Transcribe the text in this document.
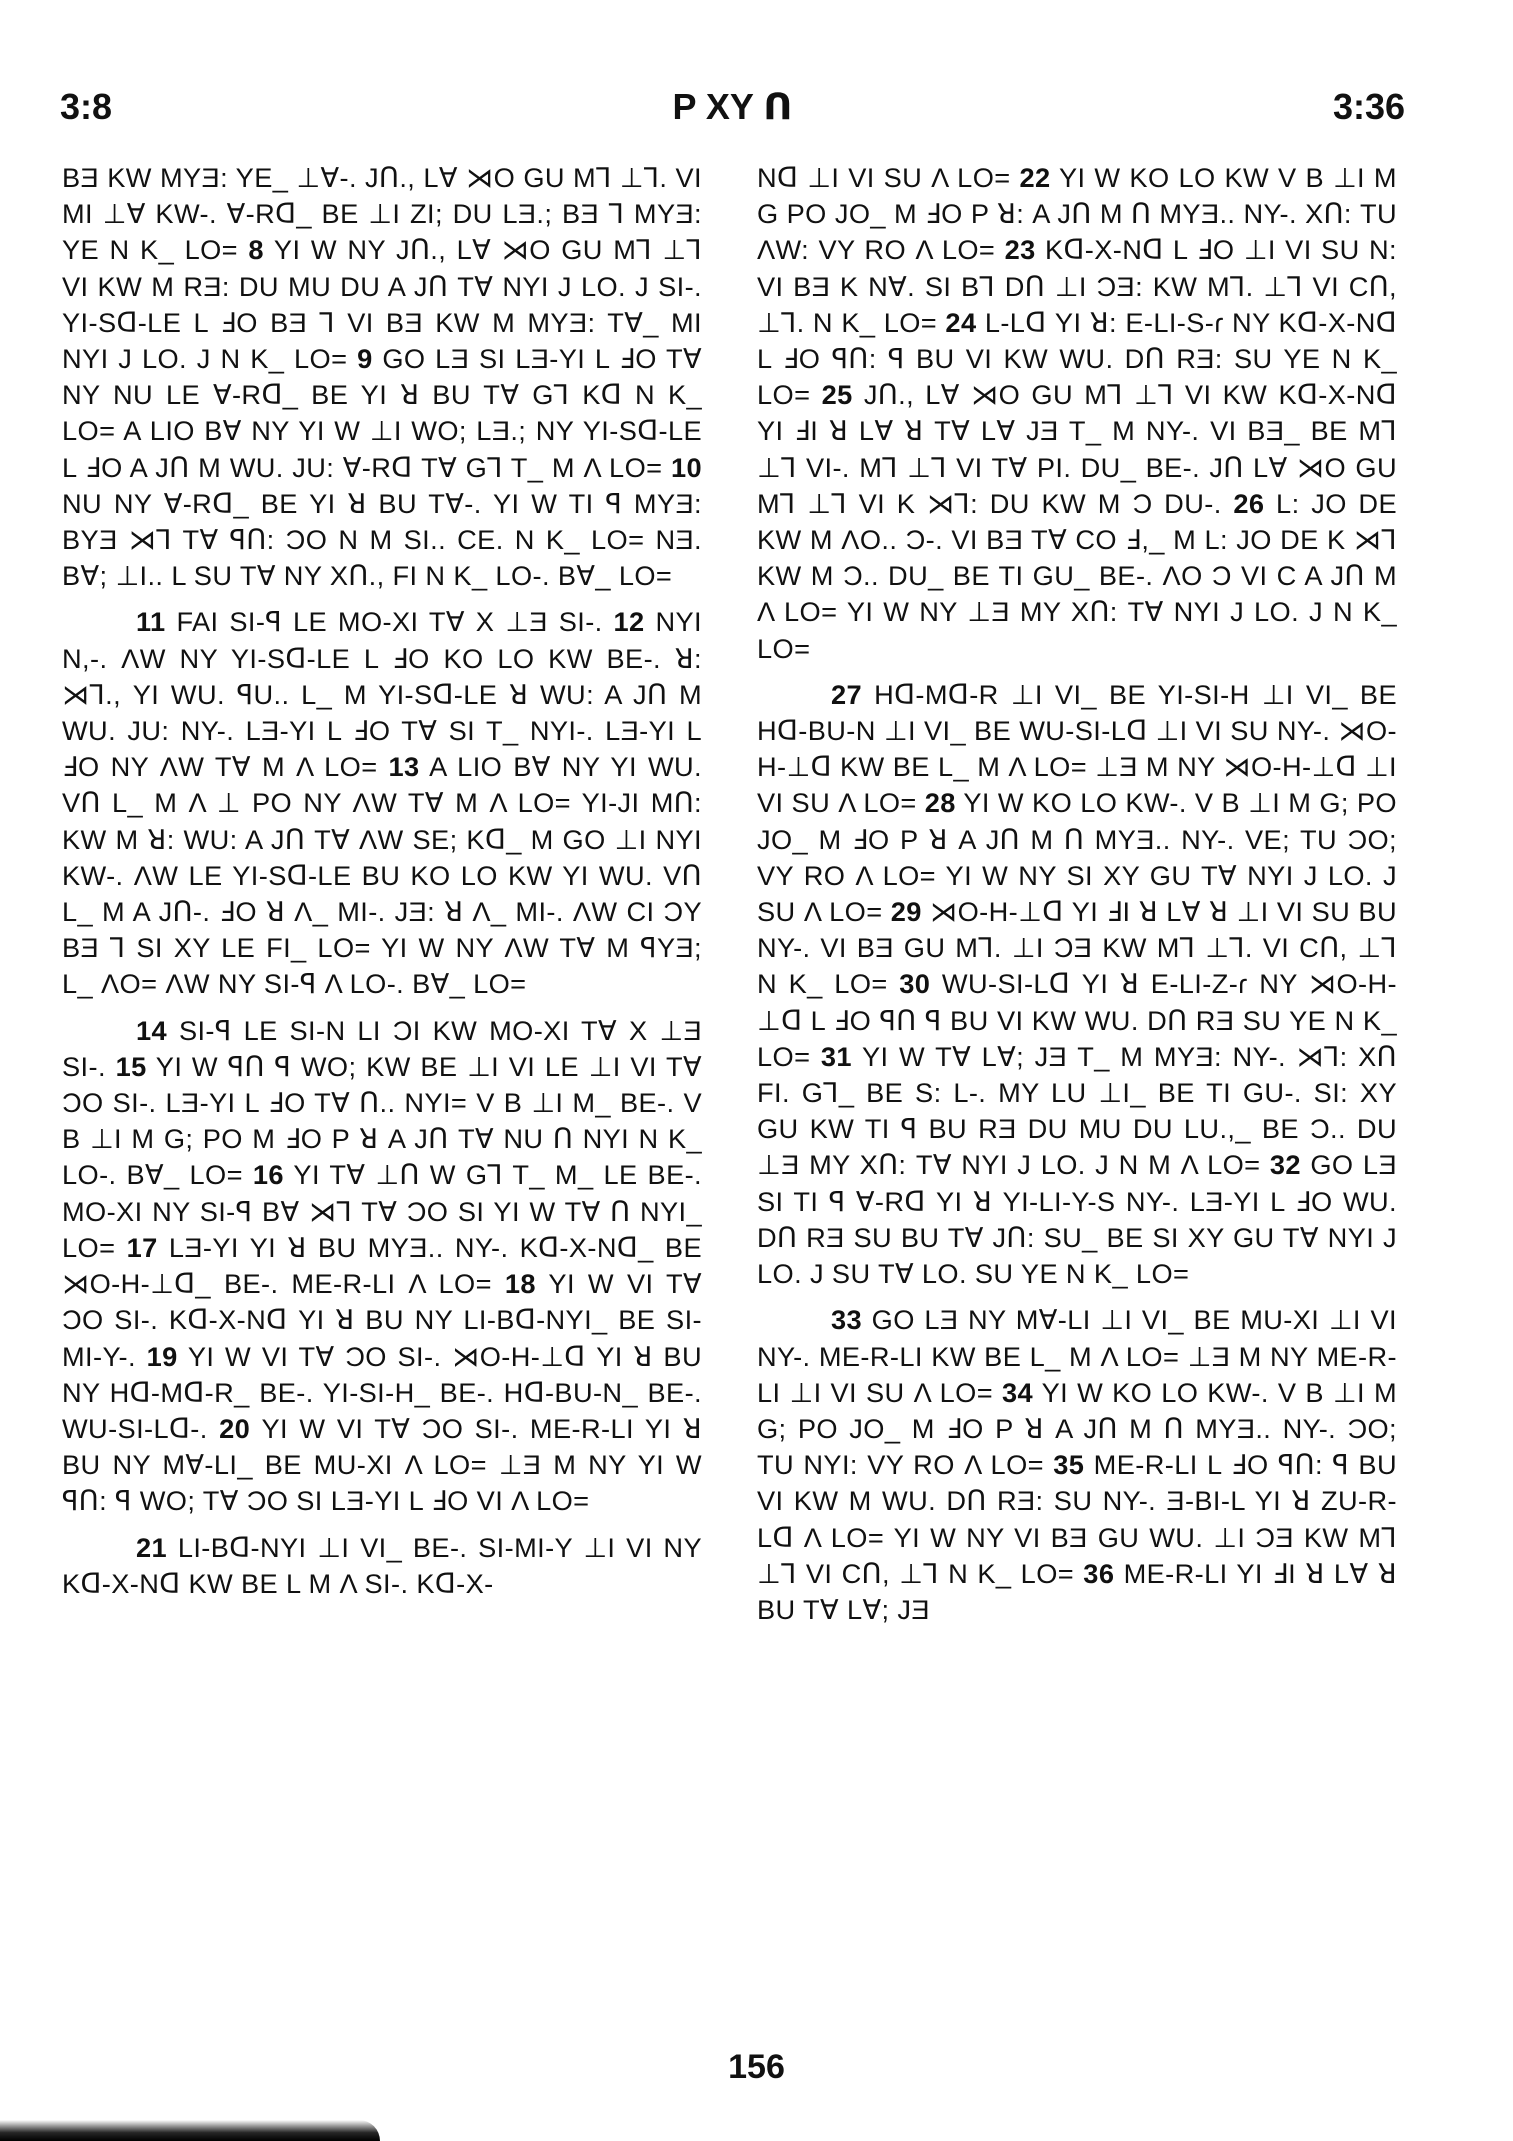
3:8	P XY ᑎ	3:36

BƎ KW MYƎ: YE_ ⊥∀-. Jᑎ., L∀ ⋊O GU M⅂ ⊥⅂. VI MI ⊥∀ KW-. ∀-Rᗡ_ BE ⊥I ZI; DU LƎ.; BƎ ⅂ MYƎ: YE N K_ LO= 8 YI W NY Jᑎ., L∀ ⋊O GU M⅂ ⊥⅂ VI KW M RƎ: DU MU DU A Jᑎ T∀ NYI J LO. J SI-. YI-Sᗡ-LE L ℲO BƎ ⅂ VI BƎ KW M MYƎ: T∀_ MI NYI J LO. J N K_ LO= 9 GO LƎ SI LƎ-YI L ℲO T∀ NY NU LE ∀-Rᗡ_ BE YI ꓤ BU T∀ G⅂ Kᗡ N K_ LO= A LIO B∀ NY YI W ⊥I WO; LƎ.; NY YI-Sᗡ-LE L ℲO A Jᑎ M WU. JU: ∀-Rᗡ T∀ G⅂ T_ M Λ LO= 10 NU NY ∀-Rᗡ_ BE YI ꓤ BU T∀-. YI W TI ꟼ MYƎ: BYƎ ⋊⅂ T∀ ꟼᑎ: ƆO N M SI.. CE. N K_ LO= NƎ. B∀; ⊥I.. L SU T∀ NY Xᑎ., FI N K_ LO-. B∀_ LO=

11 FAI SI-ꟼ LE MO-XI T∀ X ⊥Ǝ SI-. 12 NYI N,-. ΛW NY YI-Sᗡ-LE L ℲO KO LO KW BE-. ꓤ: ⋊⅂., YI WU. ꟼU.. L_ M YI-Sᗡ-LE ꓤ WU: A Jᑎ M WU. JU: NY-. LƎ-YI L ℲO T∀ SI T_ NYI-. LƎ-YI L ℲO NY ΛW T∀ M Λ LO= 13 A LIO B∀ NY YI WU. Vᑎ L_ M Λ ⊥ PO NY ΛW T∀ M Λ LO= YI-JI Mᑎ: KW M ꓤ: WU: A Jᑎ T∀ ΛW SE; Kᗡ_ M GO ⊥I NYI KW-. ΛW LE YI-Sᗡ-LE BU KO LO KW YI WU. Vᑎ L_ M A Jᑎ-. ℲO ꓤ Λ_ MI-. JƎ: ꓤ Λ_ MI-. ΛW CI ƆY BƎ ⅂ SI XY LE FI_ LO= YI W NY ΛW T∀ M ꟼYƎ; L_ ΛO= ΛW NY SI-ꟼ Λ LO-. B∀_ LO=

14 SI-ꟼ LE SI-N LI ƆI KW MO-XI T∀ X ⊥Ǝ SI-. 15 YI W ꟼᑎ ꟼ WO; KW BE ⊥I VI LE ⊥I VI T∀ ƆO SI-. LƎ-YI L ℲO T∀ ᑎ.. NYI= V B ⊥I M_ BE-. V B ⊥I M G; PO M ℲO P ꓤ A Jᑎ T∀ NU ᑎ NYI N K_ LO-. B∀_ LO= 16 YI T∀ ⊥ᑎ W G⅂ T_ M_ LE BE-. MO-XI NY SI-ꟼ B∀ ⋊⅂ T∀ ƆO SI YI W T∀ ᑎ NYI_ LO= 17 LƎ-YI YI ꓤ BU MYƎ.. NY-. Kᗡ-X-Nᗡ_ BE ⋊O-H-⊥ᗡ_ BE-. ME-R-LI Λ LO= 18 YI W VI T∀ ƆO SI-. Kᗡ-X-Nᗡ YI ꓤ BU NY LI-Bᗡ-NYI_ BE SI-MI-Y-. 19 YI W VI T∀ ƆO SI-. ⋊O-H-⊥ᗡ YI ꓤ BU NY Hᗡ-Mᗡ-R_ BE-. YI-SI-H_ BE-. Hᗡ-BU-N_ BE-. WU-SI-Lᗡ-. 20 YI W VI T∀ ƆO SI-. ME-R-LI YI ꓤ BU NY M∀-LI_ BE MU-XI Λ LO= ⊥Ǝ M NY YI W ꟼᑎ: ꟼ WO; T∀ ƆO SI LƎ-YI L ℲO VI Λ LO=

21 LI-Bᗡ-NYI ⊥I VI_ BE-. SI-MI-Y ⊥I VI NY Kᗡ-X-Nᗡ KW BE L M Λ SI-. Kᗡ-X-

Nᗡ ⊥I VI SU Λ LO= 22 YI W KO LO KW V B ⊥I M G PO JO_ M ℲO P ꓤ: A Jᑎ M ᑎ MYƎ.. NY-. Xᑎ: TU ΛW: VY RO Λ LO= 23 Kᗡ-X-Nᗡ L ℲO ⊥I VI SU N: VI BƎ K N∀. SI B⅂ Dᑎ ⊥I ƆƎ: KW M⅂. ⊥⅂ VI Cᑎ, ⊥⅂. N K_ LO= 24 L-Lᗡ YI ꓤ: E-LI-S-ɾ NY Kᗡ-X-Nᗡ L ℲO ꟼᑎ: ꟼ BU VI KW WU. Dᑎ RƎ: SU YE N K_ LO= 25 Jᑎ., L∀ ⋊O GU M⅂ ⊥⅂ VI KW Kᗡ-X-Nᗡ YI ℲI ꓤ L∀ ꓤ T∀ L∀ JƎ T_ M NY-. VI BƎ_ BE M⅂ ⊥⅂ VI-. M⅂ ⊥⅂ VI T∀ PI. DU_ BE-. Jᑎ L∀ ⋊O GU M⅂ ⊥⅂ VI K ⋊⅂: DU KW M Ɔ DU-. 26 L: JO DE KW M ΛO.. Ɔ-. VI BƎ T∀ CO Ⅎ,_ M L: JO DE K ⋊⅂ KW M Ɔ.. DU_ BE TI GU_ BE-. ΛO Ɔ VI C A Jᑎ M Λ LO= YI W NY ⊥Ǝ MY Xᑎ: T∀ NYI J LO. J N K_ LO=

27 Hᗡ-Mᗡ-R ⊥I VI_ BE YI-SI-H ⊥I VI_ BE Hᗡ-BU-N ⊥I VI_ BE WU-SI-Lᗡ ⊥I VI SU NY-. ⋊O-H-⊥ᗡ KW BE L_ M Λ LO= ⊥Ǝ M NY ⋊O-H-⊥ᗡ ⊥I VI SU Λ LO= 28 YI W KO LO KW-. V B ⊥I M G; PO JO_ M ℲO P ꓤ A Jᑎ M ᑎ MYƎ.. NY-. VE; TU ƆO; VY RO Λ LO= YI W NY SI XY GU T∀ NYI J LO. J SU Λ LO= 29 ⋊O-H-⊥ᗡ YI ℲI ꓤ L∀ ꓤ ⊥I VI SU BU NY-. VI BƎ GU M⅂. ⊥I ƆƎ KW M⅂ ⊥⅂. VI Cᑎ, ⊥⅂ N K_ LO= 30 WU-SI-Lᗡ YI ꓤ E-LI-Z-ɾ NY ⋊O-H-⊥ᗡ L ℲO ꟼᑎ ꟼ BU VI KW WU. Dᑎ RƎ SU YE N K_ LO= 31 YI W T∀ L∀; JƎ T_ M MYƎ: NY-. ⋊⅂: Xᑎ FI. G⅂_ BE S: L-. MY LU ⊥I_ BE TI GU-. SI: XY GU KW TI ꟼ BU RƎ DU MU DU LU.,_ BE Ɔ.. DU ⊥Ǝ MY Xᑎ: T∀ NYI J LO. J N M Λ LO= 32 GO LƎ SI TI ꟼ ∀-Rᗡ YI ꓤ YI-LI-Y-S NY-. LƎ-YI L ℲO WU. Dᑎ RƎ SU BU T∀ Jᑎ: SU_ BE SI XY GU T∀ NYI J LO. J SU T∀ LO. SU YE N K_ LO=

33 GO LƎ NY M∀-LI ⊥I VI_ BE MU-XI ⊥I VI NY-. ME-R-LI KW BE L_ M Λ LO= ⊥Ǝ M NY ME-R-LI ⊥I VI SU Λ LO= 34 YI W KO LO KW-. V B ⊥I M G; PO JO_ M ℲO P ꓤ A Jᑎ M ᑎ MYƎ.. NY-. ƆO; TU NYI: VY RO Λ LO= 35 ME-R-LI L ℲO ꟼᑎ: ꟼ BU VI KW M WU. Dᑎ RƎ: SU NY-. Ǝ-BI-L YI ꓤ ZU-R-Lᗡ Λ LO= YI W NY VI BƎ GU WU. ⊥I ƆƎ KW M⅂ ⊥⅂ VI Cᑎ, ⊥⅂ N K_ LO= 36 ME-R-LI YI ℲI ꓤ L∀ ꓤ BU T∀ L∀; JƎ

156
